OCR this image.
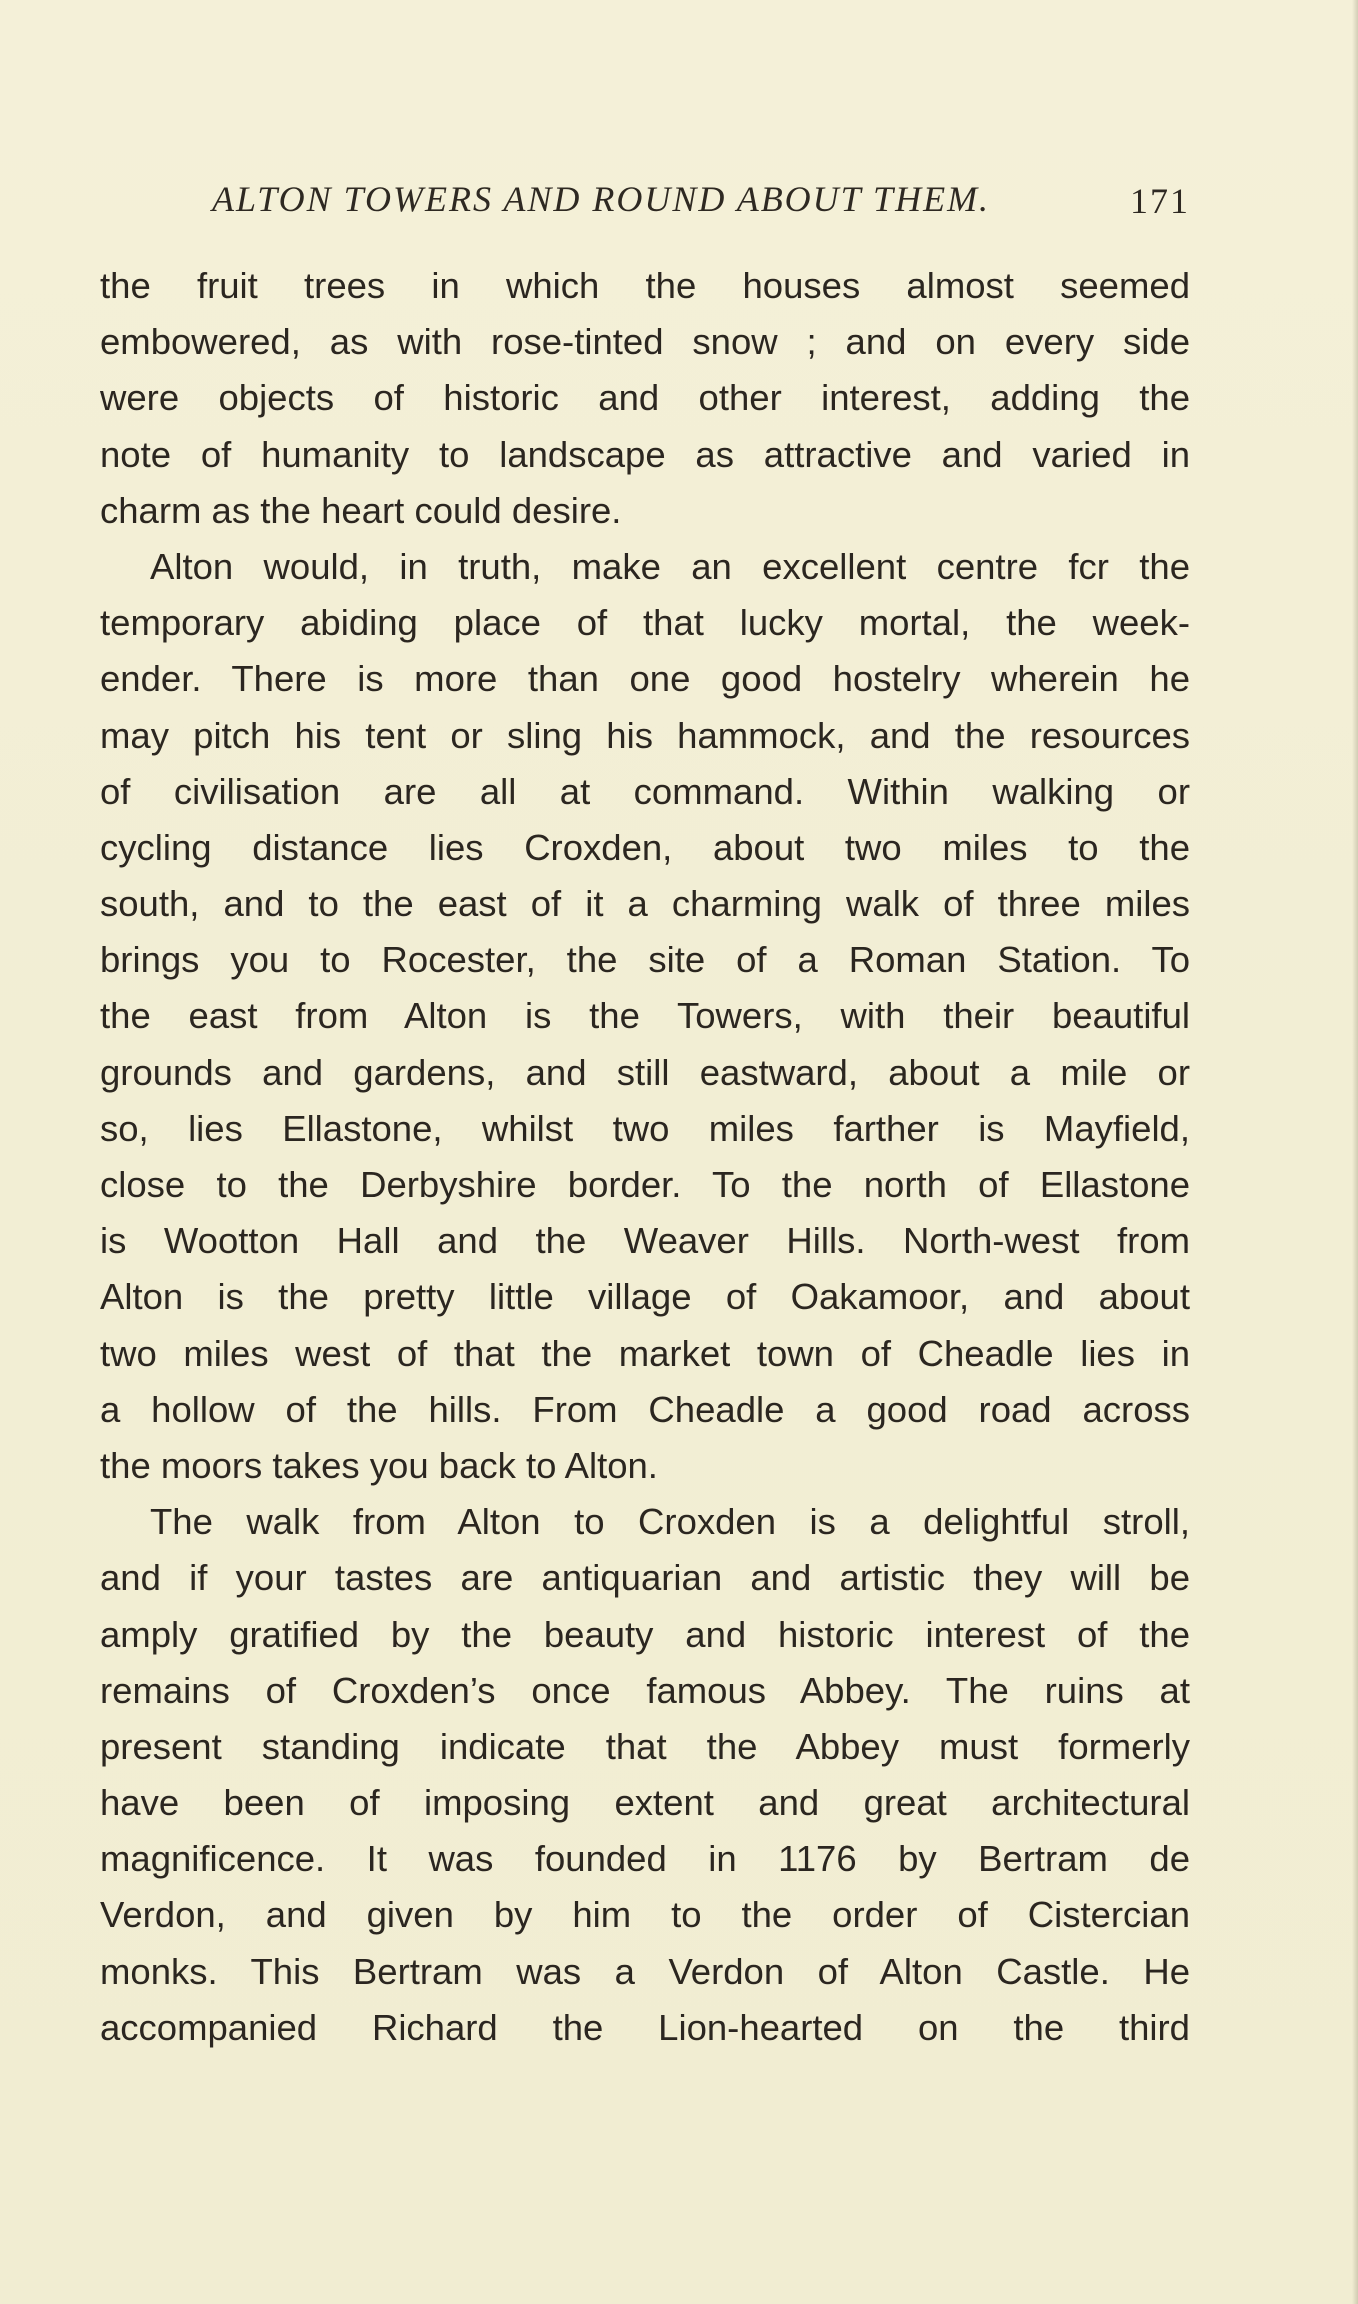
ALTON TOWERS AND ROUND ABOUT THEM.	171
the fruit trees in which the houses almost seemed
embowered, as with rose-tinted snow ; and on every side
were objects of historic and other interest, adding the
note of humanity to landscape as attractive and varied in
charm as the heart could desire.
Alton would, in truth, make an excellent centre fcr the
temporary abiding place of that lucky mortal, the week-
ender. There is more than one good hostelry wherein he
may pitch his tent or sling his hammock, and the resources
of civilisation are all at command. Within walking or
cycling distance lies Croxden, about two miles to the
south, and to the east of it a charming walk of three miles
brings you to Rocester, the site of a Roman Station. To
the east from Alton is the Towers, with their beautiful
grounds and gardens, and still eastward, about a mile or
so, lies Ellastone, whilst two miles farther is Mayfield,
close to the Derbyshire border. To the north of Ellastone
is Wootton Hall and the Weaver Hills. North-west from
Alton is the pretty little village of Oakamoor, and about
two miles west of that the market town of Cheadle lies in
a hollow of the hills. From Cheadle a good road across
the moors takes you back to Alton.
The walk from Alton to Croxden is a delightful stroll,
and if your tastes are antiquarian and artistic they will be
amply gratified by the beauty and historic interest of the
remains of Croxden’s once famous Abbey. The ruins at
present standing indicate that the Abbey must formerly
have been of imposing extent and great architectural
magnificence. It was founded in 1176 by Bertram de
Verdon, and given by him to the order of Cistercian
monks. This Bertram was a Verdon of Alton Castle. He
accompanied Richard the Lion-hearted on the third
